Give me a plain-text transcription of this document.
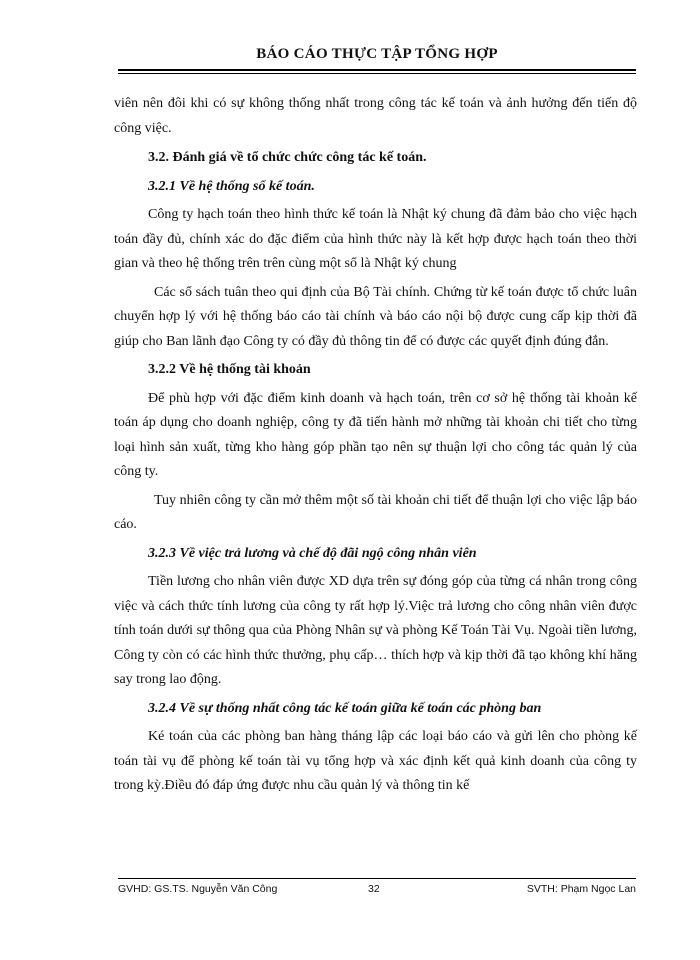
BÁO CÁO THỰC TẬP TỔNG HỢP

viên nên đôi khi có sự không thống nhất trong công tác kế toán và ảnh hưởng đến tiến độ công việc.

3.2. Đánh giá về tổ chức chức công tác kế toán.
3.2.1 Về hệ thống sổ kế toán.

Công ty hạch toán theo hình thức kế toán là Nhật ký chung đã đảm bảo cho việc hạch toán đầy đủ, chính xác do đặc điểm của hình thức này là kết hợp được hạch toán theo thời gian và theo hệ thống trên trên cùng một sổ là Nhật ký chung

Các sổ sách tuân theo qui định của Bộ Tài chính. Chứng từ kế toán được tổ chức luân chuyển hợp lý với hệ thống báo cáo tài chính và báo cáo nội bộ được cung cấp kịp thời đã giúp cho Ban lãnh đạo Công ty có đầy đủ thông tin để có được các quyết định đúng đắn.

3.2.2 Về hệ thống tài khoản

Để phù hợp với đặc điểm kinh doanh và hạch toán, trên cơ sở hệ thống tài khoản kế toán áp dụng cho doanh nghiệp, công ty đã tiến hành mở những tài khoản chi tiết cho từng loại hình sản xuất, từng kho hàng góp phần tạo nên sự thuận lợi cho công tác quản lý của công ty.

Tuy nhiên công ty cần mở thêm một số tài khoản chi tiết để thuận lợi cho việc lập báo cáo.

3.2.3 Về việc trả lương và chế độ đãi ngộ công nhân viên

Tiền lương cho nhân viên được XD dựa trên sự đóng góp của từng cá nhân trong công việc và cách thức tính lương của công ty rất hợp lý.Việc trả lương cho công nhân viên được tính toán dưới sự thông qua của Phòng Nhân sự và phòng Kế Toán Tài Vụ. Ngoài tiền lương, Công ty còn có các hình thức thưởng, phụ cấp… thích hợp và kịp thời đã tạo không khí hăng say trong lao động.

3.2.4 Về sự thống nhất công tác kế toán giữa kế toán các phòng ban

Ké toán của các phòng ban hàng tháng lập các loại báo cáo và gửi lên cho phòng kế toán tài vụ để phòng kế toán tài vụ tổng hợp và xác định kết quả kinh doanh của công ty trong kỳ.Điều đó đáp ứng được nhu cầu quản lý và thông tin kế

GVHD: GS.TS. Nguyễn Văn Công	32	SVTH: Phạm Ngọc Lan
